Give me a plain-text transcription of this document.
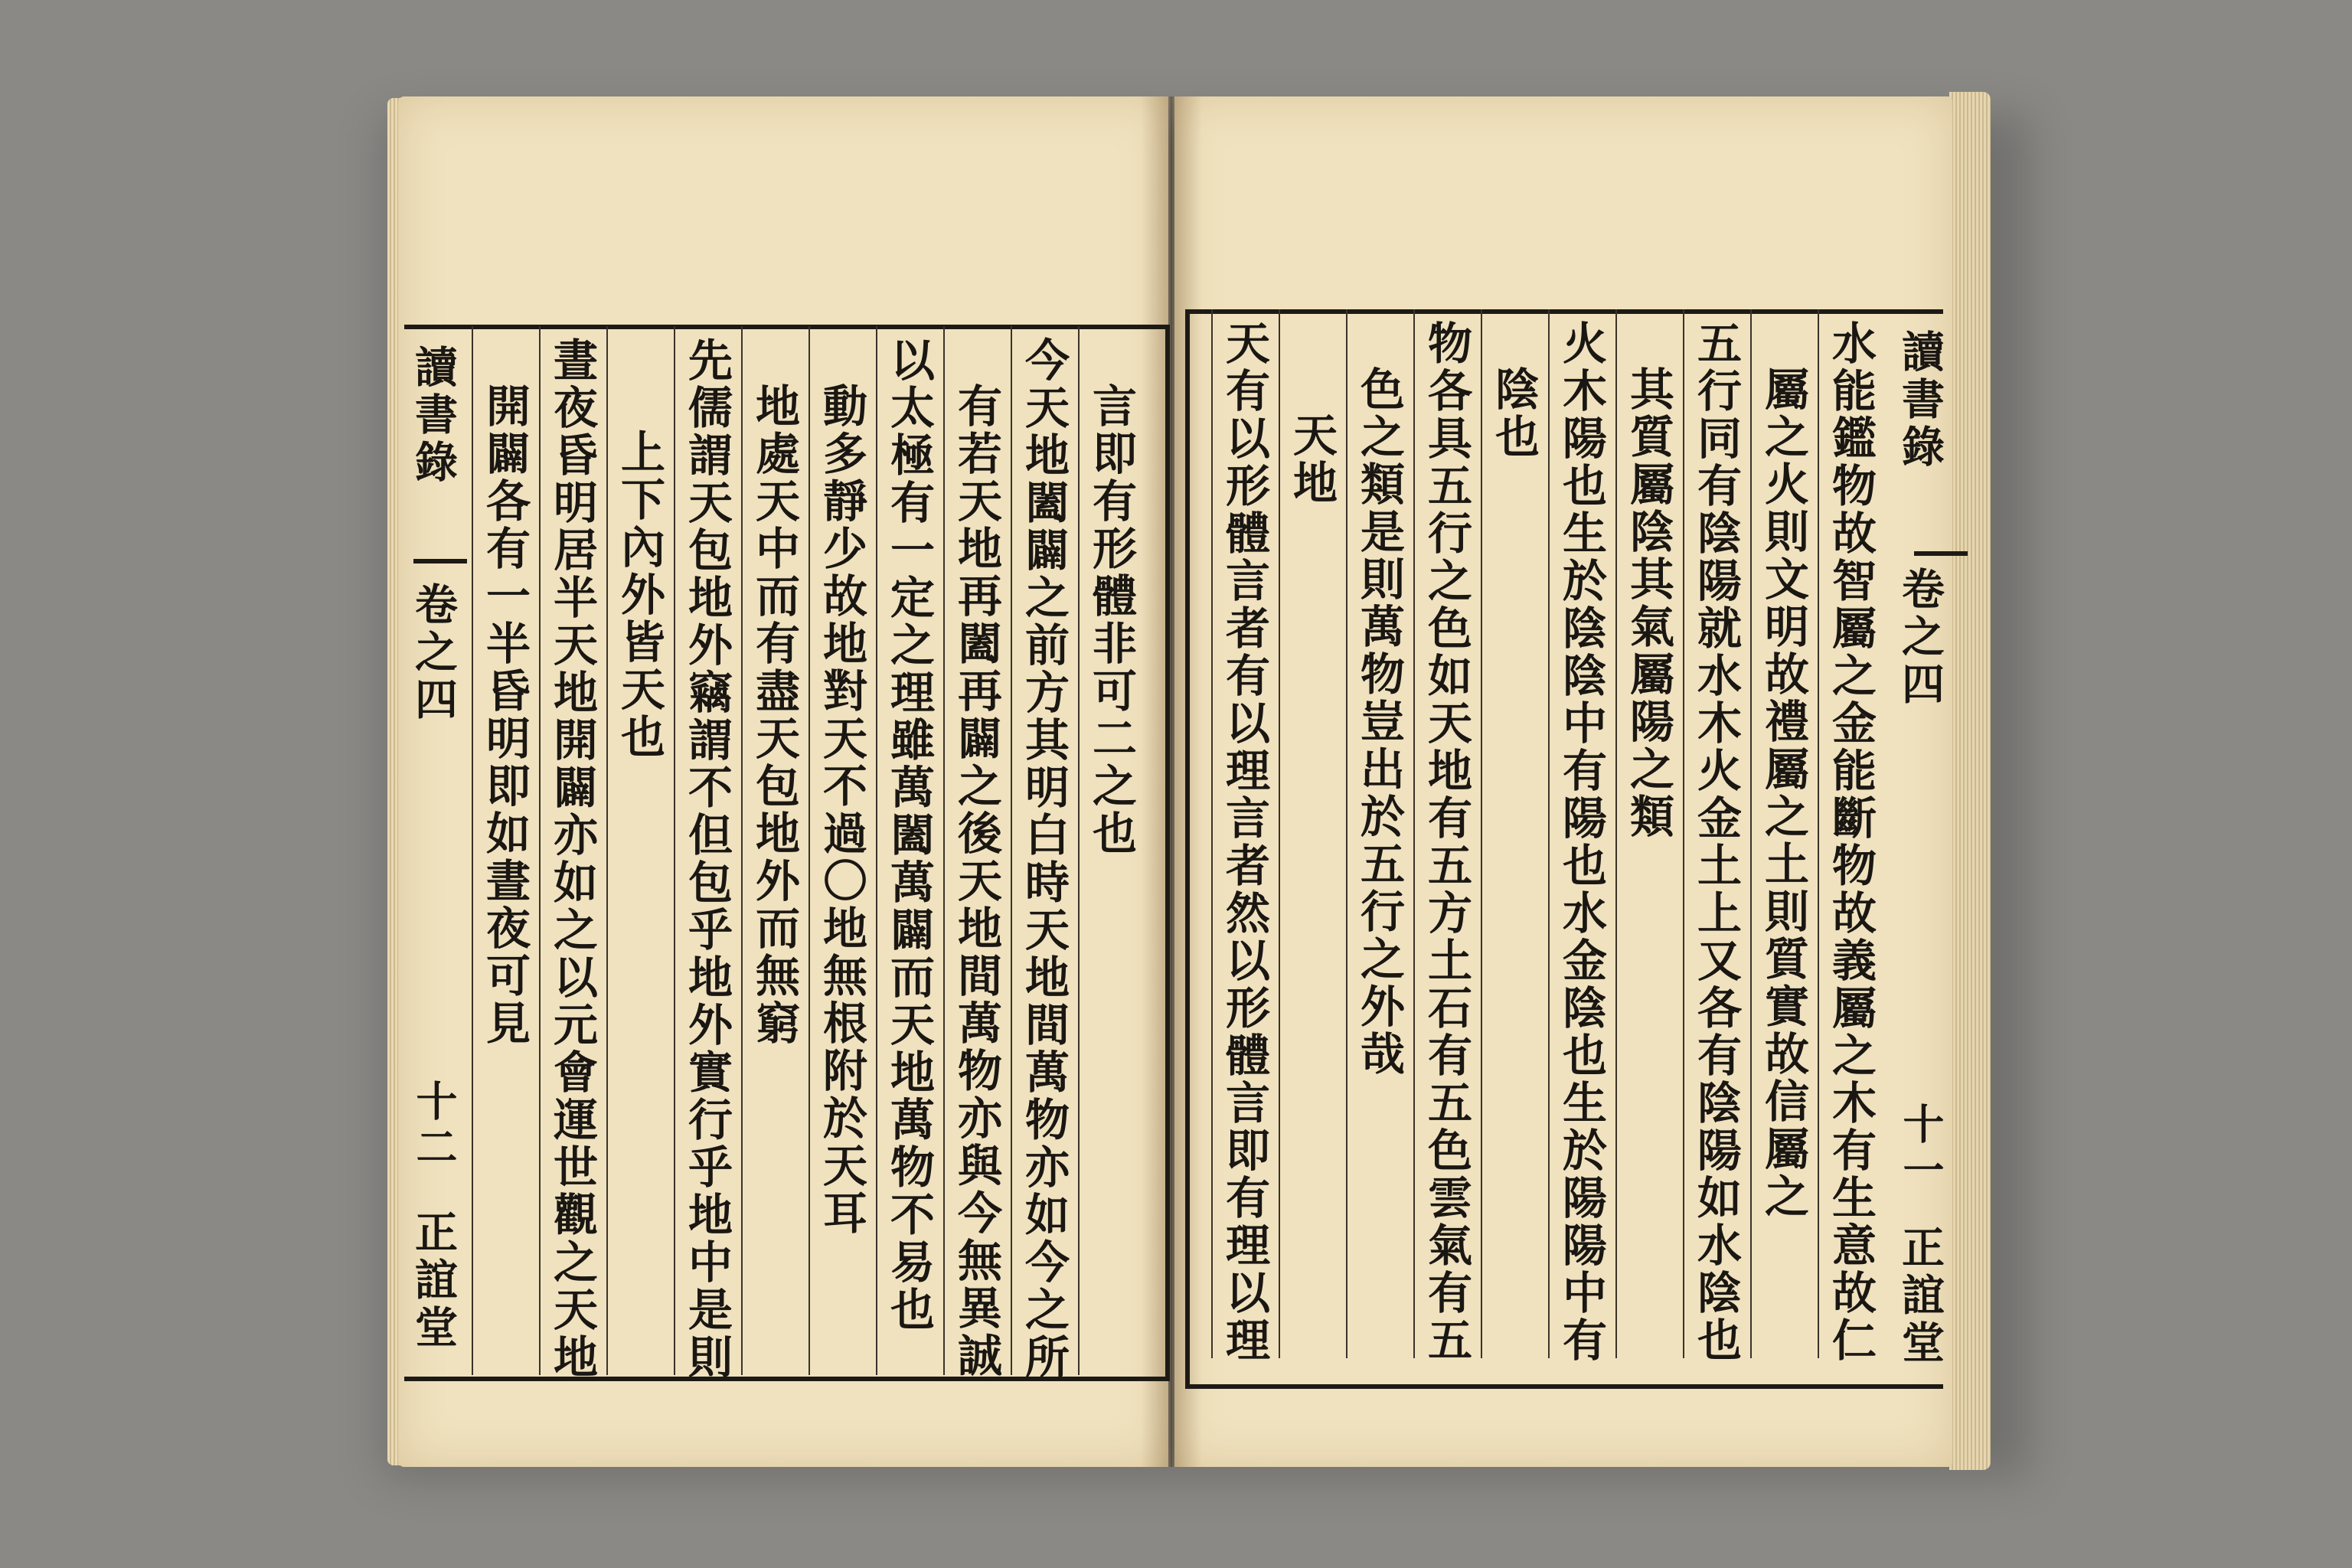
讀書錄
卷之四
十一
正誼堂
水能鑑物故智屬之金能斷物故義屬之木有生意故仁
屬之火則文明故禮屬之土則質實故信屬之
五行同有陰陽就水木火金土上又各有陰陽如水陰也
其質屬陰其氣屬陽之類
火木陽也生於陰陰中有陽也水金陰也生於陽陽中有
陰也
物各具五行之色如天地有五方土石有五色雲氣有五
色之類是則萬物豈出於五行之外哉
天地
天有以形體言者有以理言者然以形體言即有理以理
讀書錄
卷之四
十二
正誼堂
言即有形體非可二之也
今天地闔闢之前方其明白時天地間萬物亦如今之所
有若天地再闔再闢之後天地間萬物亦與今無異誠
以太極有一定之理雖萬闔萬闢而天地萬物不易也
動多靜少故地對天不過〇地無根附於天耳
地處天中而有盡天包地外而無窮
先儒謂天包地外竊謂不但包乎地外實行乎地中是則
上下內外皆天也
晝夜昏明居半天地開闢亦如之以元會運世觀之天地
開闢各有一半昏明即如晝夜可見
